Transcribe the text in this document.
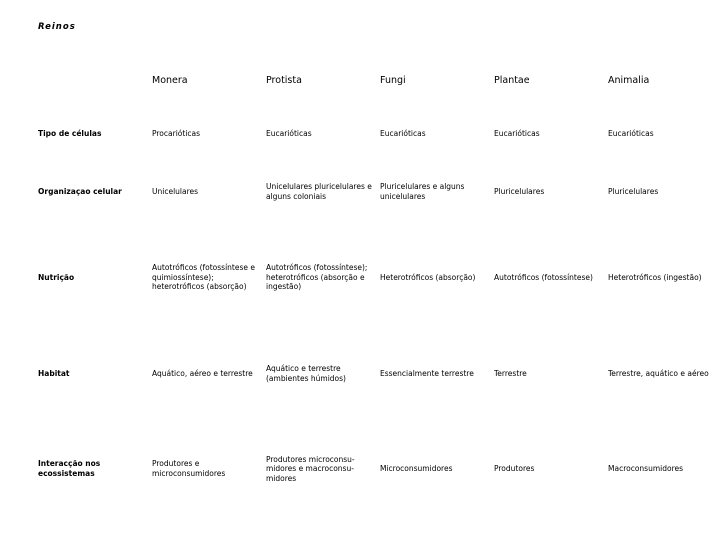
Reinos
	Monera	Protista	Fungi	Plantae	Animalia
Tipo de células	Procarióticas	Eucarióticas	Eucarióticas	Eucarióticas	Eucarióticas
Organizaçao celular	Unicelulares	Unicelulares pluricelulares e alguns coloniais	Pluricelulares e alguns unicelulares	Pluricelulares	Pluricelulares
Nutrição	Autotróficos (fotossíntese e quimiossíntese); heterotróficos (absorção)	Autotróficos (fotossíntese); heterotróficos (absorção e ingestão)	Heterotróficos (absorção)	Autotróficos (fotossíntese)	Heterotróficos (ingestão)
Habitat	Aquático, aéreo e terrestre	Aquático e terrestre (ambientes húmidos)	Essencialmente terrestre	Terrestre	Terrestre, aquático e aéreo
Interacção nos ecossistemas	Produtores e microconsumidores	Produtores microconsu-midores e macroconsu-midores	Microconsumidores	Produtores	Macroconsumidores
